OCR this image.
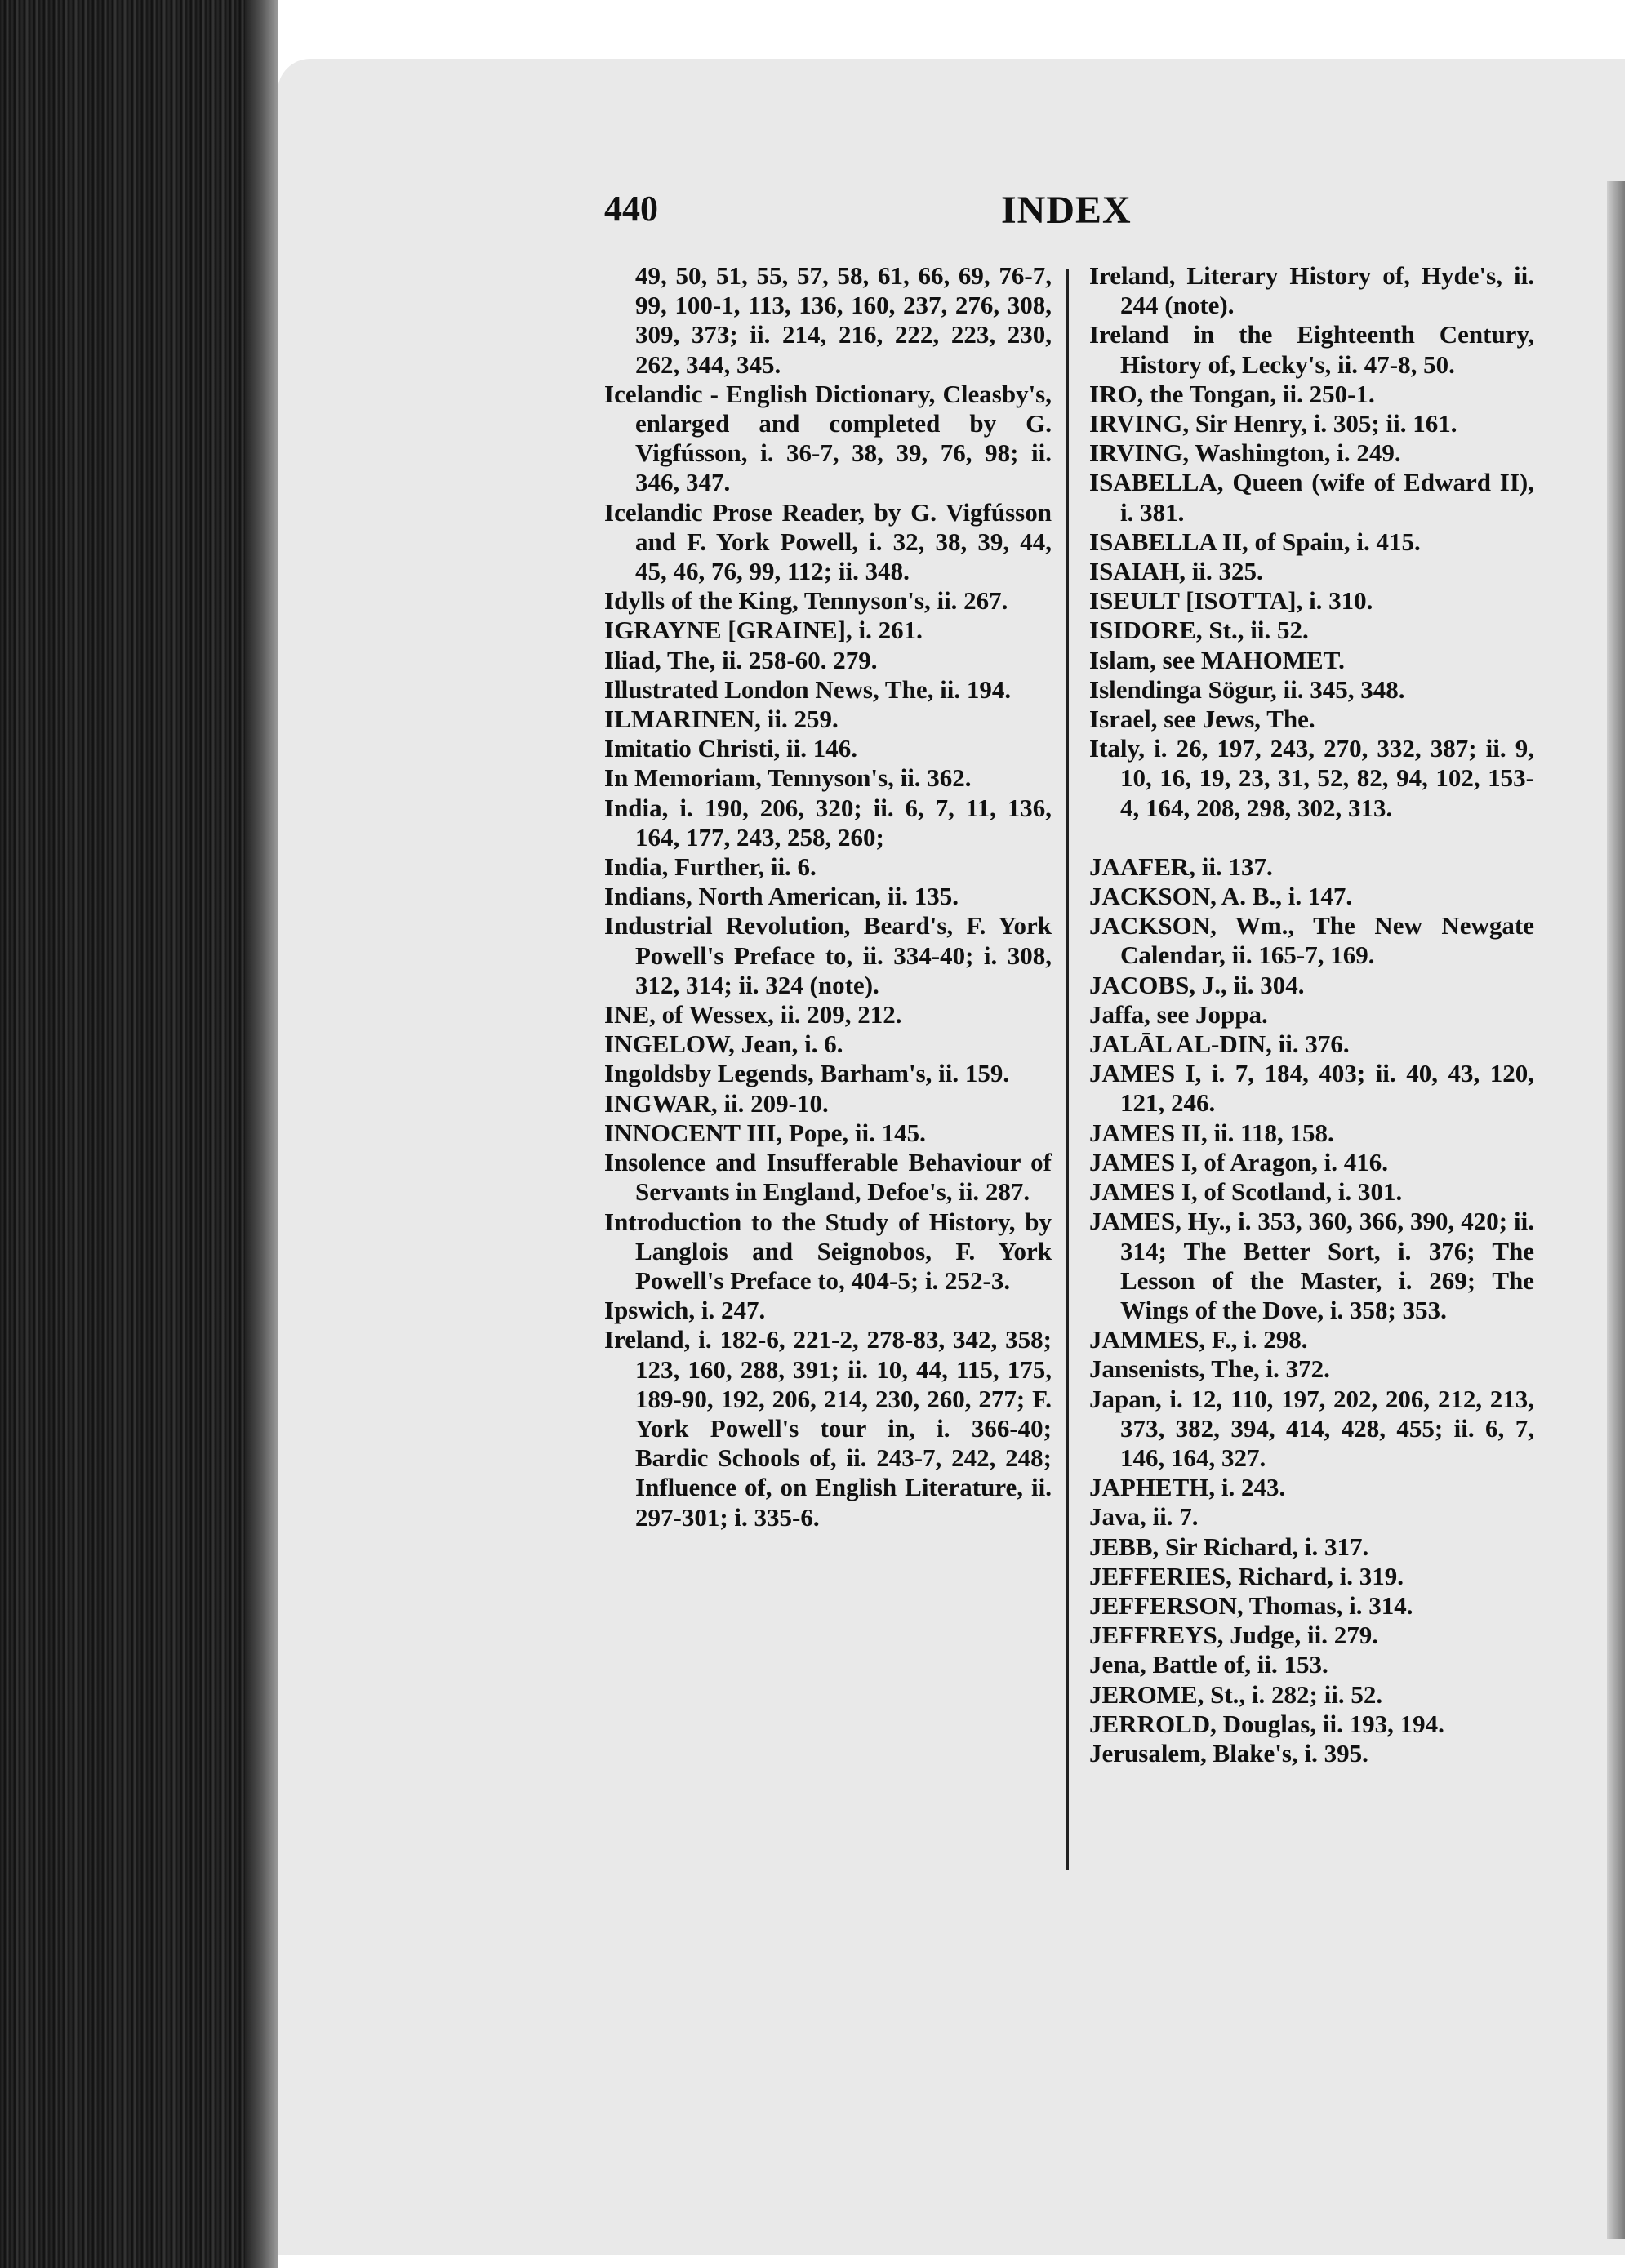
440	INDEX

49, 50, 51, 55, 57, 58, 61, 66, 69, 76-7, 99, 100-1, 113, 136, 160, 237, 276, 308, 309, 373; ii. 214, 216, 222, 223, 230, 262, 344, 345.

Icelandic - English Dictionary, Cleasby's, enlarged and completed by G. Vigfússon, i. 36-7, 38, 39, 76, 98; ii. 346, 347.

Icelandic Prose Reader, by G. Vigfússon and F. York Powell, i. 32, 38, 39, 44, 45, 46, 76, 99, 112; ii. 348.

Idylls of the King, Tennyson's, ii. 267.

IGRAYNE [GRAINE], i. 261.

Iliad, The, ii. 258-60. 279.

Illustrated London News, The, ii. 194.

ILMARINEN, ii. 259.

Imitatio Christi, ii. 146.

In Memoriam, Tennyson's, ii. 362.

India, i. 190, 206, 320; ii. 6, 7, 11, 136, 164, 177, 243, 258, 260;

India, Further, ii. 6.

Indians, North American, ii. 135.

Industrial Revolution, Beard's, F. York Powell's Preface to, ii. 334-40; i. 308, 312, 314; ii. 324 (note).

INE, of Wessex, ii. 209, 212.

INGELOW, Jean, i. 6.

Ingoldsby Legends, Barham's, ii. 159.

INGWAR, ii. 209-10.

INNOCENT III, Pope, ii. 145.

Insolence and Insufferable Behaviour of Servants in England, Defoe's, ii. 287.

Introduction to the Study of History, by Langlois and Seignobos, F. York Powell's Preface to, 404-5; i. 252-3.

Ipswich, i. 247.

Ireland, i. 182-6, 221-2, 278-83, 342, 358; 123, 160, 288, 391; ii. 10, 44, 115, 175, 189-90, 192, 206, 214, 230, 260, 277; F. York Powell's tour in, i. 366-40; Bardic Schools of, ii. 243-7, 242, 248; Influence of, on English Literature, ii. 297-301; i. 335-6.

Ireland, Literary History of, Hyde's, ii. 244 (note).

Ireland in the Eighteenth Century, History of, Lecky's, ii. 47-8, 50.

IRO, the Tongan, ii. 250-1.

IRVING, Sir Henry, i. 305; ii. 161.

IRVING, Washington, i. 249.

ISABELLA, Queen (wife of Edward II), i. 381.

ISABELLA II, of Spain, i. 415.

ISAIAH, ii. 325.

ISEULT [ISOTTA], i. 310.

ISIDORE, St., ii. 52.

Islam, see MAHOMET.

Islendinga Sögur, ii. 345, 348.

Israel, see Jews, The.

Italy, i. 26, 197, 243, 270, 332, 387; ii. 9, 10, 16, 19, 23, 31, 52, 82, 94, 102, 153-4, 164, 208, 298, 302, 313.

JAAFER, ii. 137.

JACKSON, A. B., i. 147.

JACKSON, Wm., The New Newgate Calendar, ii. 165-7, 169.

JACOBS, J., ii. 304.

Jaffa, see Joppa.

JALĀL AL-DIN, ii. 376.

JAMES I, i. 7, 184, 403; ii. 40, 43, 120, 121, 246.

JAMES II, ii. 118, 158.

JAMES I, of Aragon, i. 416.

JAMES I, of Scotland, i. 301.

JAMES, Hy., i. 353, 360, 366, 390, 420; ii. 314; The Better Sort, i. 376; The Lesson of the Master, i. 269; The Wings of the Dove, i. 358; 353.

JAMMES, F., i. 298.

Jansenists, The, i. 372.

Japan, i. 12, 110, 197, 202, 206, 212, 213, 373, 382, 394, 414, 428, 455; ii. 6, 7, 146, 164, 327.

JAPHETH, i. 243.

Java, ii. 7.

JEBB, Sir Richard, i. 317.

JEFFERIES, Richard, i. 319.

JEFFERSON, Thomas, i. 314.

JEFFREYS, Judge, ii. 279.

Jena, Battle of, ii. 153.

JEROME, St., i. 282; ii. 52.

JERROLD, Douglas, ii. 193, 194.

Jerusalem, Blake's, i. 395.
